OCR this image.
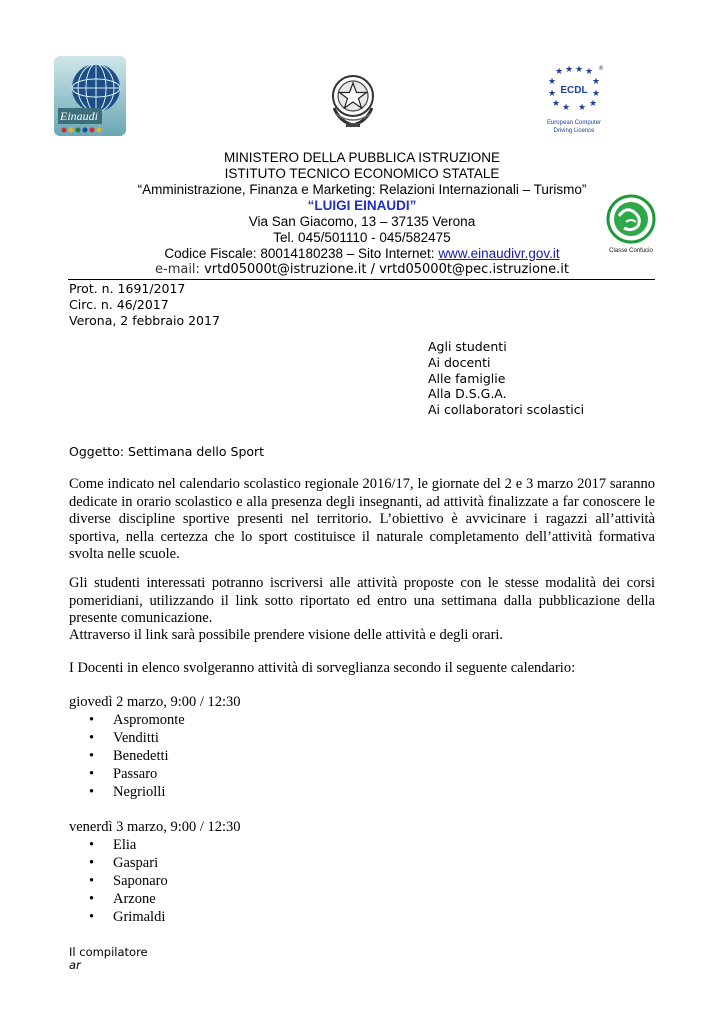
Einaudi
★ ★ ★ ★
★	★
★	★
★	★
★ ★
®
ECDL
European Computer
Driving Licence
Classe Confucio
MINISTERO DELLA PUBBLICA ISTRUZIONE
ISTITUTO TECNICO ECONOMICO STATALE
“Amministrazione, Finanza e Marketing: Relazioni Internazionali – Turismo”
“LUIGI EINAUDI”
Via San Giacomo, 13 – 37135 Verona
Tel. 045/501110 - 045/582475
Codice Fiscale: 80014180238 – Sito Internet: www.einaudivr.gov.it
e-mail: vrtd05000t@istruzione.it / vrtd05000t@pec.istruzione.it
Prot. n. 1691/2017
Circ. n. 46/2017
Verona, 2 febbraio 2017
Agli studenti
Ai docenti
Alle famiglie
Alla D.S.G.A.
Ai collaboratori scolastici
Oggetto: Settimana dello Sport
Come indicato nel calendario scolastico regionale 2016/17, le giornate del 2 e 3 marzo 2017 saranno dedicate in orario scolastico e alla presenza degli insegnanti, ad attività finalizzate a far conoscere le diverse discipline sportive presenti nel territorio. L’obiettivo è avvicinare i ragazzi all’attività sportiva, nella certezza che lo sport costituisce il naturale completamento dell’attività formativa svolta nelle scuole.
Gli studenti interessati potranno iscriversi alle attività proposte con le stesse modalità dei corsi pomeridiani, utilizzando il link sotto riportato ed entro una settimana dalla pubblicazione della presente comunicazione.
Attraverso il link sarà possibile prendere visione delle attività e degli orari.
I Docenti in elenco svolgeranno attività di sorveglianza secondo il seguente calendario:
giovedì 2 marzo, 9:00 / 12:30
• Aspromonte
• Venditti
• Benedetti
• Passaro
• Negriolli
venerdì 3 marzo, 9:00 / 12:30
• Elia
• Gaspari
• Saponaro
• Arzone
• Grimaldi
Il compilatore
ar
